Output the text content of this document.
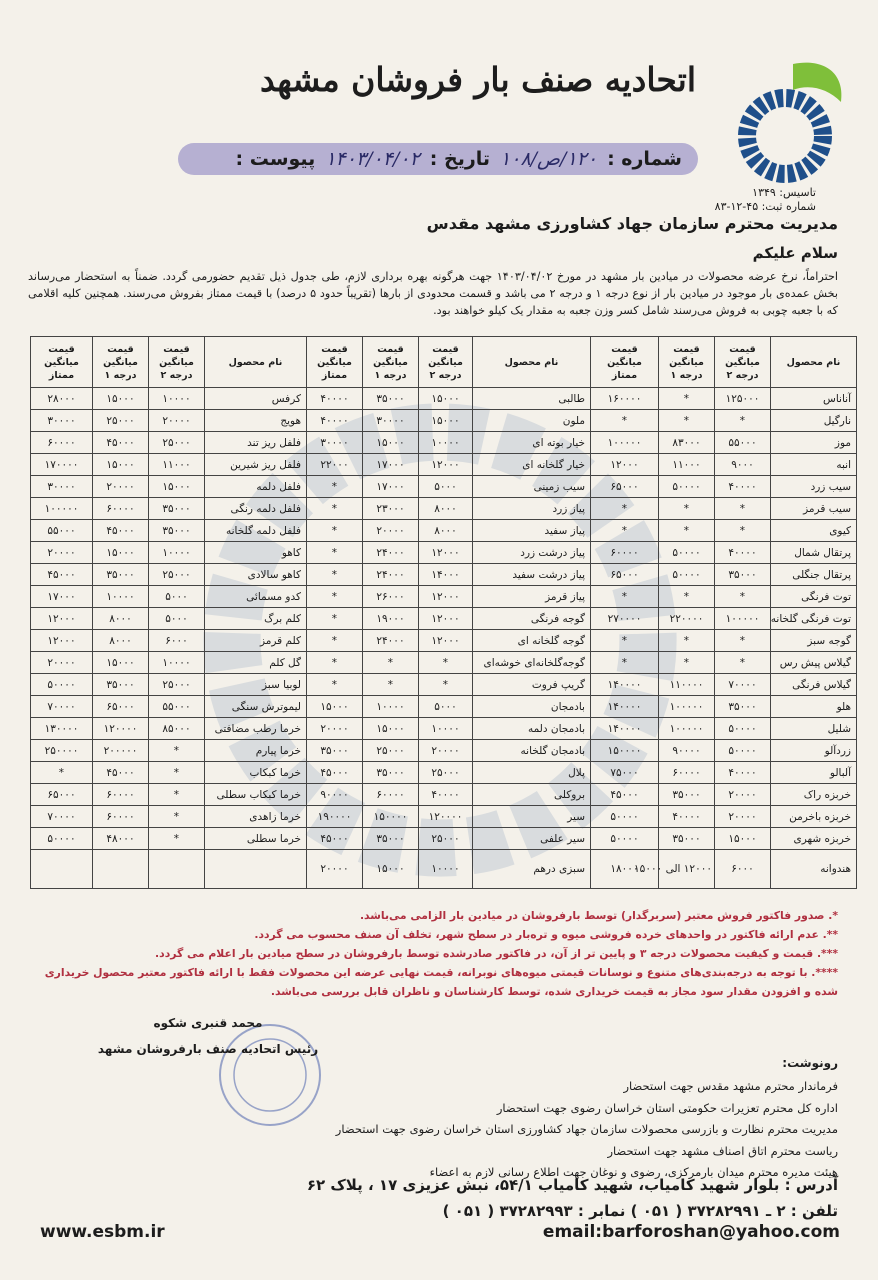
اتحادیه صنف بار فروشان مشهد
شماره :
۱۲۰/ص/۱۰۸
تاریخ :
۱۴۰۳/۰۴/۰۲
پیوست :
تاسیس: ۱۳۴۹
شماره ثبت: ۴۵-۱۲-۸۳
مدیریت محترم سازمان جهاد کشاورزی مشهد مقدس
سلام علیکم
احتراماً، نرخ عرضه محصولات در میادین بار مشهد در مورخ ۱۴۰۳/۰۴/۰۲ جهت هرگونه بهره برداری لازم، طی جدول ذیل تقدیم حضورمی گردد. ضمناً به استحضار می‌رساند بخش عمده‌ی بار موجود در میادین بار از نوع درجه ۱ و درجه ۲ می باشد و قسمت محدودی از بارها (تقریباً حدود ۵ درصد) با قیمت ممتاز بفروش می‌رسند. همچنین کلیه اقلامی که با جعبه چوبی به فروش می‌رسند شامل کسر وزن جعبه به مقدار یک کیلو خواهند بود.
نام محصول	قیمت میانگین درجه ۲	قیمت میانگین درجه ۱	قیمت میانگین ممتاز	نام محصول	قیمت میانگین درجه ۲	قیمت میانگین درجه ۱	قیمت میانگین ممتاز	نام محصول	قیمت میانگین درجه ۲	قیمت میانگین درجه ۱	قیمت میانگین ممتاز
آناناس	۱۲۵۰۰۰	*	۱۶۰۰۰۰	طالبی	۱۵۰۰۰	۳۵۰۰۰	۴۰۰۰۰	کرفس	۱۰۰۰۰	۱۵۰۰۰	۲۸۰۰۰
نارگیل	*	*	*	ملون	۱۵۰۰۰	۳۰۰۰۰	۴۰۰۰۰	هویج	۲۰۰۰۰	۲۵۰۰۰	۳۰۰۰۰
موز	۵۵۰۰۰	۸۳۰۰۰	۱۰۰۰۰۰	خیار بوته ای	۱۰۰۰۰	۱۵۰۰۰	۳۰۰۰۰	فلفل ریز تند	۲۵۰۰۰	۴۵۰۰۰	۶۰۰۰۰
انبه	۹۰۰۰	۱۱۰۰۰	۱۲۰۰۰	خیار گلخانه ای	۱۲۰۰۰	۱۷۰۰۰	۲۲۰۰۰	فلفل ریز شیرین	۱۱۰۰۰	۱۵۰۰۰	۱۷۰۰۰۰
سیب زرد	۴۰۰۰۰	۵۰۰۰۰	۶۵۰۰۰	سیب زمینی	۵۰۰۰	۱۷۰۰۰	*	فلفل دلمه	۱۵۰۰۰	۲۰۰۰۰	۳۰۰۰۰
سیب قرمز	*	*	*	پیاز زرد	۸۰۰۰	۲۳۰۰۰	*	فلفل دلمه رنگی	۳۵۰۰۰	۶۰۰۰۰	۱۰۰۰۰۰
کیوی	*	*	*	پیاز سفید	۸۰۰۰	۲۰۰۰۰	*	فلفل دلمه گلخانه	۳۵۰۰۰	۴۵۰۰۰	۵۵۰۰۰
پرتقال شمال	۴۰۰۰۰	۵۰۰۰۰	۶۰۰۰۰	پیاز درشت زرد	۱۲۰۰۰	۲۴۰۰۰	*	کاهو	۱۰۰۰۰	۱۵۰۰۰	۲۰۰۰۰
پرتقال جنگلی	۳۵۰۰۰	۵۰۰۰۰	۶۵۰۰۰	پیاز درشت سفید	۱۴۰۰۰	۲۴۰۰۰	*	کاهو سالادی	۲۵۰۰۰	۳۵۰۰۰	۴۵۰۰۰
توت فرنگی	*	*	*	پیاز قرمز	۱۲۰۰۰	۲۶۰۰۰	*	کدو مسمائی	۵۰۰۰	۱۰۰۰۰	۱۷۰۰۰
توت فرنگی گلخانه	۱۰۰۰۰۰	۲۲۰۰۰۰	۲۷۰۰۰۰	گوجه فرنگی	۱۲۰۰۰	۱۹۰۰۰	*	کلم برگ	۵۰۰۰	۸۰۰۰	۱۲۰۰۰
گوجه سبز	*	*	*	گوجه گلخانه ای	۱۲۰۰۰	۲۴۰۰۰	*	کلم قرمز	۶۰۰۰	۸۰۰۰	۱۲۰۰۰
گیلاس پیش رس	*	*	*	گوجه‌گلخانه‌ای خوشه‌ای	*	*	*	گل کلم	۱۰۰۰۰	۱۵۰۰۰	۲۰۰۰۰
گیلاس فرنگی	۷۰۰۰۰	۱۱۰۰۰۰	۱۴۰۰۰۰	گریپ فروت	*	*	*	لوبیا سبز	۲۵۰۰۰	۳۵۰۰۰	۵۰۰۰۰
هلو	۳۵۰۰۰	۱۰۰۰۰۰	۱۴۰۰۰۰	بادمجان	۵۰۰۰	۱۰۰۰۰	۱۵۰۰۰	لیموترش سنگی	۵۵۰۰۰	۶۵۰۰۰	۷۰۰۰۰
شلیل	۵۰۰۰۰	۱۰۰۰۰۰	۱۴۰۰۰۰	بادمجان دلمه	۱۰۰۰۰	۱۵۰۰۰	۲۰۰۰۰	خرما رطب مضافتی	۸۵۰۰۰	۱۲۰۰۰۰	۱۳۰۰۰۰
زردآلو	۵۰۰۰۰	۹۰۰۰۰	۱۵۰۰۰۰	بادمجان گلخانه	۲۰۰۰۰	۲۵۰۰۰	۳۵۰۰۰	خرما پیارم	*	۲۰۰۰۰۰	۲۵۰۰۰۰
آلبالو	۴۰۰۰۰	۶۰۰۰۰	۷۵۰۰۰	پلال	۲۵۰۰۰	۳۵۰۰۰	۴۵۰۰۰	خرما کبکاب	*	۴۵۰۰۰	*
خربزه راک	۲۰۰۰۰	۳۵۰۰۰	۴۵۰۰۰	بروکلی	۴۰۰۰۰	۶۰۰۰۰	۹۰۰۰۰	خرما کبکاب سطلی	*	۶۰۰۰۰	۶۵۰۰۰
خربزه باخرمن	۲۰۰۰۰	۴۰۰۰۰	۵۰۰۰۰	سیر	۱۲۰۰۰۰	۱۵۰۰۰۰	۱۹۰۰۰۰	خرما زاهدی	*	۶۰۰۰۰	۷۰۰۰۰
خربزه شهری	۱۵۰۰۰	۳۵۰۰۰	۵۰۰۰۰	سیر علفی	۲۵۰۰۰	۳۵۰۰۰	۴۵۰۰۰	خرما سطلی	*	۴۸۰۰۰	۵۰۰۰۰
هندوانه	۶۰۰۰	۱۲۰۰۰ الی ۱۵۰۰۰	۱۸۰۰۰	سبزی درهم	۱۰۰۰۰	۱۵۰۰۰	۲۰۰۰۰				
*. صدور فاکتور فروش معتبر (سربرگدار) توسط بارفروشان در میادین بار الزامی می‌باشد.
**. عدم ارائه فاکتور در واحدهای خرده فروشی میوه و تره‌بار در سطح شهر، تخلف آن صنف محسوب می گردد.
***. قیمت و کیفیت محصولات درجه ۳ و پایین تر از آن، در فاکتور صادرشده توسط بارفروشان در سطح میادین بار اعلام می گردد.
****. با توجه به درجه‌بندی‌های متنوع و نوسانات قیمتی میوه‌های نوبرانه، قیمت نهایی عرضه این محصولات فقط با ارائه فاکتور معتبر محصول خریداری شده و افزودن مقدار سود مجاز به قیمت خریداری شده، توسط کارشناسان و ناظران قابل بررسی می‌باشد.
محمد قنبری شکوه
رئیس اتحادیه صنف بارفروشان مشهد
رونوشت:
فرماندار محترم مشهد مقدس جهت استحضار
اداره کل محترم تعزیرات حکومتی استان خراسان رضوی جهت استحضار
مدیریت محترم نظارت و بازرسی محصولات سازمان جهاد کشاورزی استان خراسان رضوی جهت استحضار
ریاست محترم اتاق اصناف مشهد جهت استحضار
هیئت مدیره محترم میدان بارمرکزی، رضوی و نوغان جهت اطلاع رسانی لازم به اعضاء
آدرس : بلوار شهید کامیاب، شهید کامیاب ۵۴/۱، نبش عزیزی ۱۷ ، پلاک ۶۲
تلفن : ۲ ـ ۳۷۲۸۲۹۹۱ ( ۰۵۱ ) نمابر : ۳۷۲۸۲۹۹۳ ( ۰۵۱ )
www.esbm.ir	email:barforoshan@yahoo.com
